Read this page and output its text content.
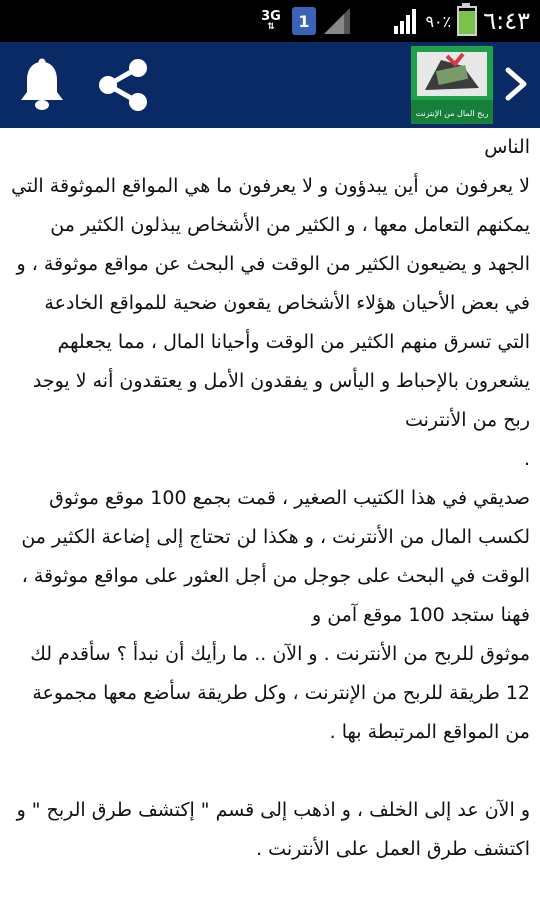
3G
⇅	1	٩٠٪ ٦:٤٣
ربح المال من الإنترنت

الناس
لا يعرفون من أين يبدؤون و لا يعرفون ما هي المواقع الموثوقة التي يمكنهم التعامل معها ، و الكثير من الأشخاص يبذلون الكثير من الجهد و يضيعون الكثير من الوقت في البحث عن مواقع موثوقة ، و في بعض الأحيان هؤلاء الأشخاص يقعون ضحية للمواقع الخادعة التي تسرق منهم الكثير من الوقت وأحيانا المال ، مما يجعلهم يشعرون بالإحباط و اليأس و يفقدون الأمل و يعتقدون أنه لا يوجد ربح من الأنترنت
.

صديقي في هذا الكتيب الصغير ، قمت بجمع 100 موقع موثوق لكسب المال من الأنترنت ، و هكذا لن تحتاج إلى إضاعة الكثير من الوقت في البحث على جوجل من أجل العثور على مواقع موثوقة ، فهنا ستجد 100 موقع آمن و
موثوق للربح من الأنترنت . و الآن .. ما رأيك أن نبدأ ؟ سأقدم لك 12 طريقة للربح من الإنترنت ، وكل طريقة سأضع معها مجموعة من المواقع المرتبطة بها .

و الآن عد إلى الخلف ، و اذهب إلى قسم " إكتشف طرق الربح " و اكتشف طرق العمل على الأنترنت .
